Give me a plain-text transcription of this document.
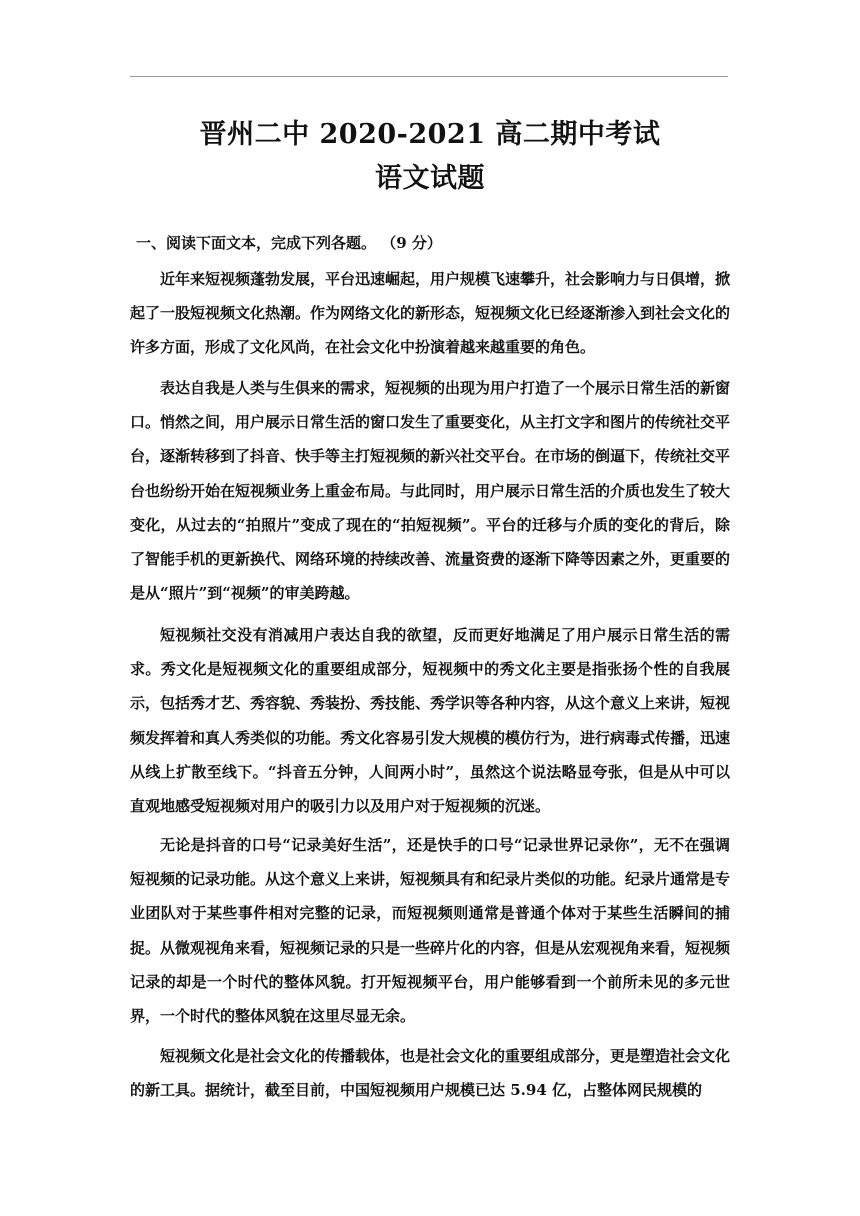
晋州二中 2020-2021 高二期中考试
语文试题
一、阅读下面文本，完成下列各题。 （9 分）

近年来短视频蓬勃发展，平台迅速崛起，用户规模飞速攀升，社会影响力与日俱增，掀起了一股短视频文化热潮。作为网络文化的新形态，短视频文化已经逐渐渗入到社会文化的许多方面，形成了文化风尚，在社会文化中扮演着越来越重要的角色。

表达自我是人类与生俱来的需求，短视频的出现为用户打造了一个展示日常生活的新窗口。悄然之间，用户展示日常生活的窗口发生了重要变化，从主打文字和图片的传统社交平台，逐渐转移到了抖音、快手等主打短视频的新兴社交平台。在市场的倒逼下，传统社交平台也纷纷开始在短视频业务上重金布局。与此同时，用户展示日常生活的介质也发生了较大变化，从过去的“拍照片”变成了现在的“拍短视频”。平台的迁移与介质的变化的背后，除了智能手机的更新换代、网络环境的持续改善、流量资费的逐渐下降等因素之外，更重要的是从“照片”到“视频”的审美跨越。

短视频社交没有消减用户表达自我的欲望，反而更好地满足了用户展示日常生活的需求。秀文化是短视频文化的重要组成部分，短视频中的秀文化主要是指张扬个性的自我展示，包括秀才艺、秀容貌、秀装扮、秀技能、秀学识等各种内容，从这个意义上来讲，短视频发挥着和真人秀类似的功能。秀文化容易引发大规模的模仿行为，进行病毒式传播，迅速从线上扩散至线下。“抖音五分钟，人间两小时”，虽然这个说法略显夸张，但是从中可以直观地感受短视频对用户的吸引力以及用户对于短视频的沉迷。

无论是抖音的口号“记录美好生活”，还是快手的口号“记录世界记录你”，无不在强调短视频的记录功能。从这个意义上来讲，短视频具有和纪录片类似的功能。纪录片通常是专业团队对于某些事件相对完整的记录，而短视频则通常是普通个体对于某些生活瞬间的捕捉。从微观视角来看，短视频记录的只是一些碎片化的内容，但是从宏观视角来看，短视频记录的却是一个时代的整体风貌。打开短视频平台，用户能够看到一个前所未见的多元世界，一个时代的整体风貌在这里尽显无余。

短视频文化是社会文化的传播载体，也是社会文化的重要组成部分，更是塑造社会文化的新工具。据统计，截至目前，中国短视频用户规模已达 5.94 亿，占整体网民规模的
